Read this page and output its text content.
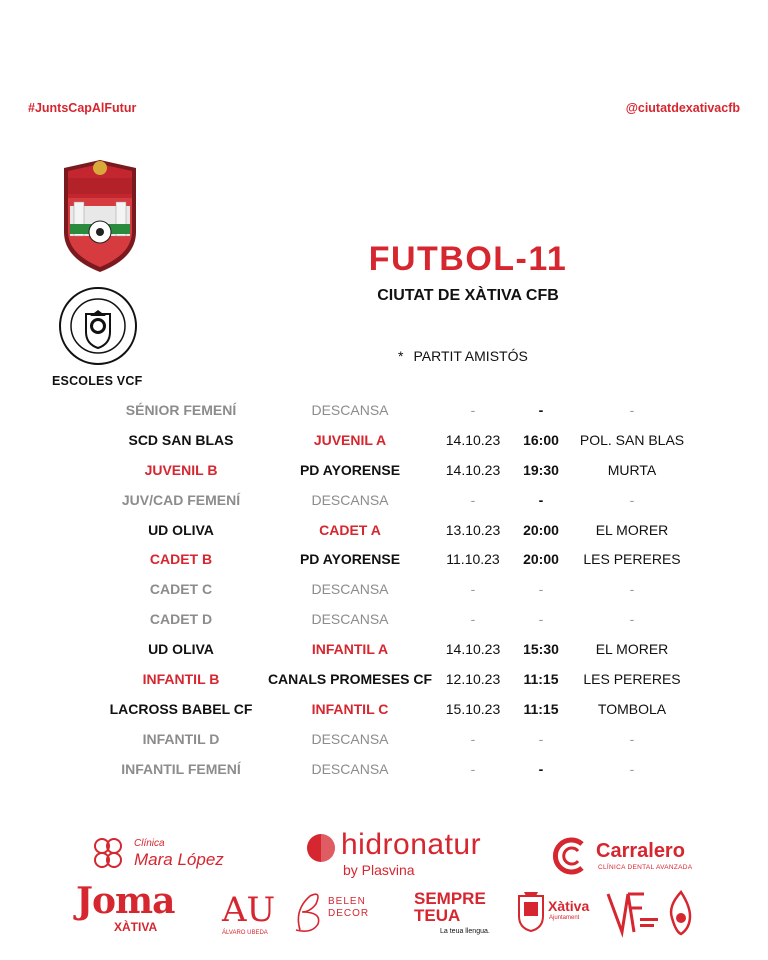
#JuntsCapAlFutur	@ciutatdexativacfb
ESCOLES VCF
FUTBOL-11
CIUTAT DE XÀTIVA CFB
* PARTIT AMISTÓS
SÉNIOR FEMENÍ	DESCANSA	-	-	-
SCD SAN BLAS	JUVENIL A	14.10.23	16:00	POL. SAN BLAS
JUVENIL B	PD AYORENSE	14.10.23	19:30	MURTA
JUV/CAD FEMENÍ	DESCANSA	-	-	-
UD OLIVA	CADET A	13.10.23	20:00	EL MORER
CADET B	PD AYORENSE	11.10.23	20:00	LES PERERES
CADET C	DESCANSA	-	-	-
CADET D	DESCANSA	-	-	-
UD OLIVA	INFANTIL A	14.10.23	15:30	EL MORER
INFANTIL B	CANALS PROMESES CF 12.10.23	11:15	LES PERERES
LACROSS BABEL CF	INFANTIL C	15.10.23	11:15	TOMBOLA
INFANTIL D	DESCANSA	-	-	-
INFANTIL FEMENÍ	DESCANSA	-	-	-
Clínica
Mara López	hidronatur
by Plasvina
Carralero
CLÍNICA DENTAL AVANZADA
Joma
XÀTIVA AU
ÁLVARO UBEDA
BELEN
DECOR
SEMPRE
TEUA
La teua llengua.
Xàtiva
Ajuntament
